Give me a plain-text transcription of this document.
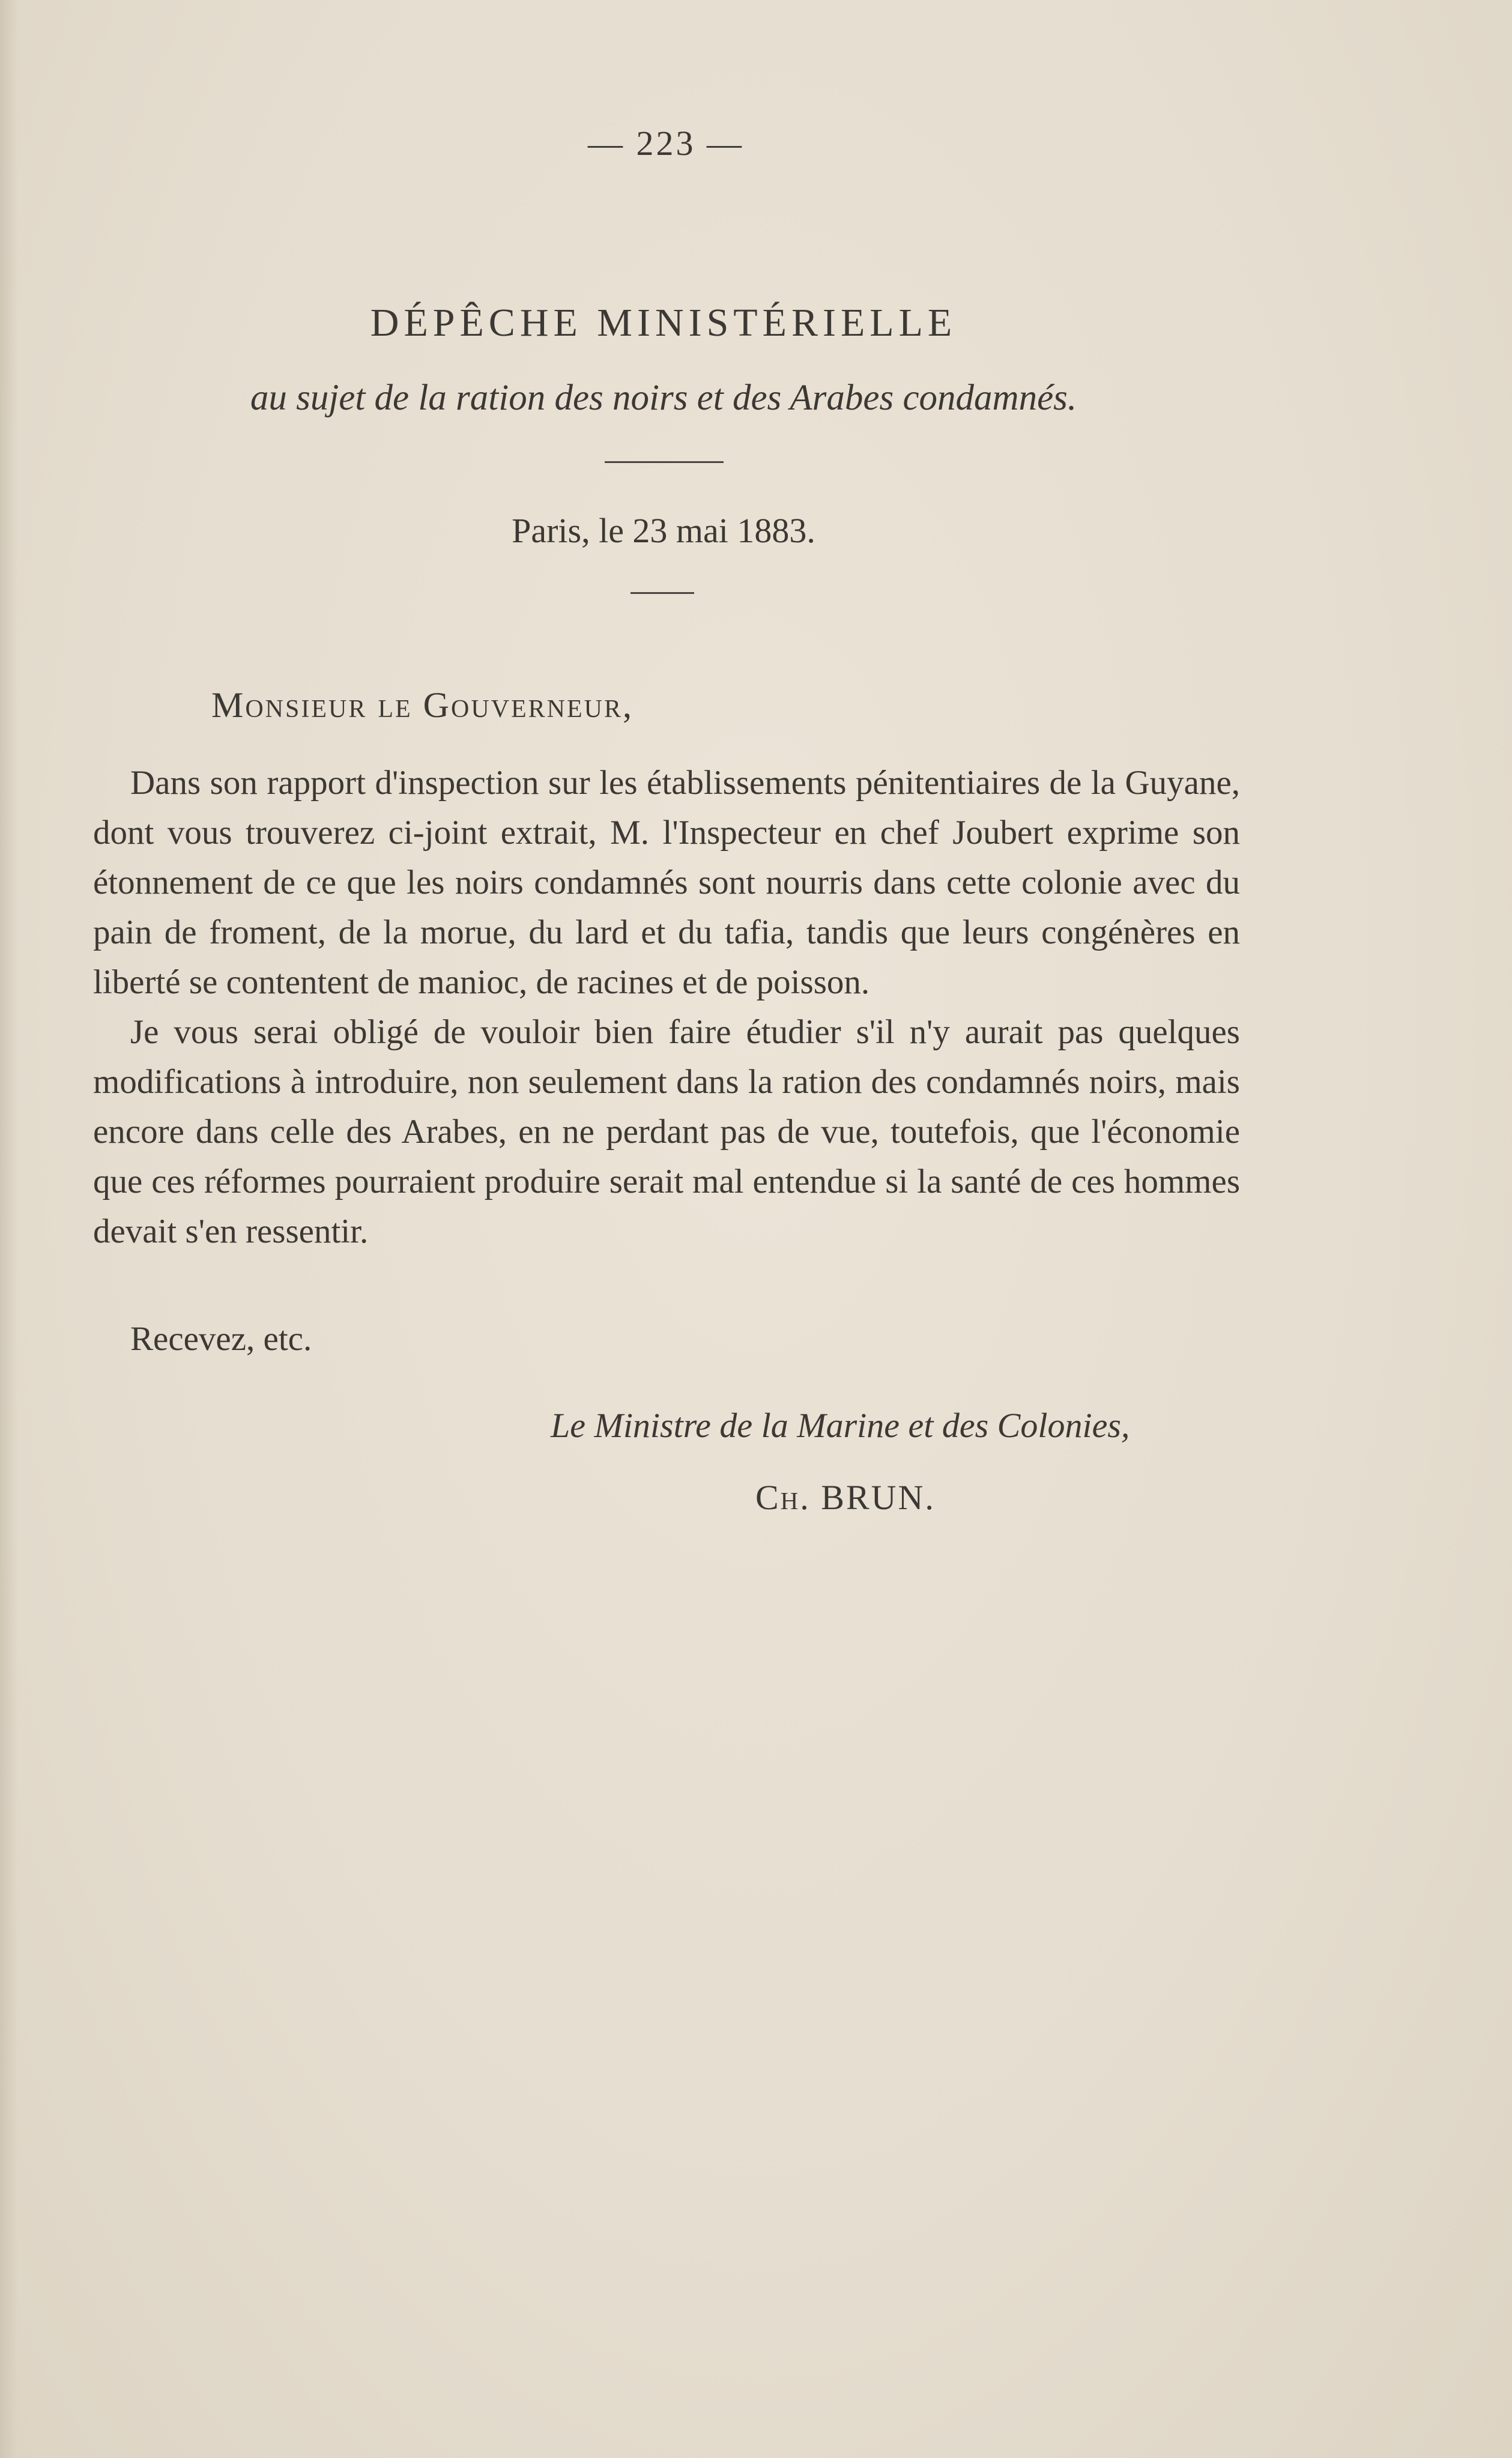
— 223 —
DÉPÊCHE MINISTÉRIELLE
au sujet de la ration des noirs et des Arabes condamnés.
Paris, le 23 mai 1883.
Monsieur le Gouverneur,

Dans son rapport d'inspection sur les établissements pénitentiaires de la Guyane, dont vous trouverez ci-joint extrait, M. l'Inspecteur en chef Joubert exprime son étonnement de ce que les noirs condamnés sont nourris dans cette colonie avec du pain de froment, de la morue, du lard et du tafia, tandis que leurs congénères en liberté se contentent de manioc, de racines et de poisson.

Je vous serai obligé de vouloir bien faire étudier s'il n'y aurait pas quelques modifications à introduire, non seulement dans la ration des condamnés noirs, mais encore dans celle des Arabes, en ne perdant pas de vue, toutefois, que l'économie que ces réformes pourraient produire serait mal entendue si la santé de ces hommes devait s'en ressentir.

Recevez, etc.
Le Ministre de la Marine et des Colonies,
Ch. BRUN.
